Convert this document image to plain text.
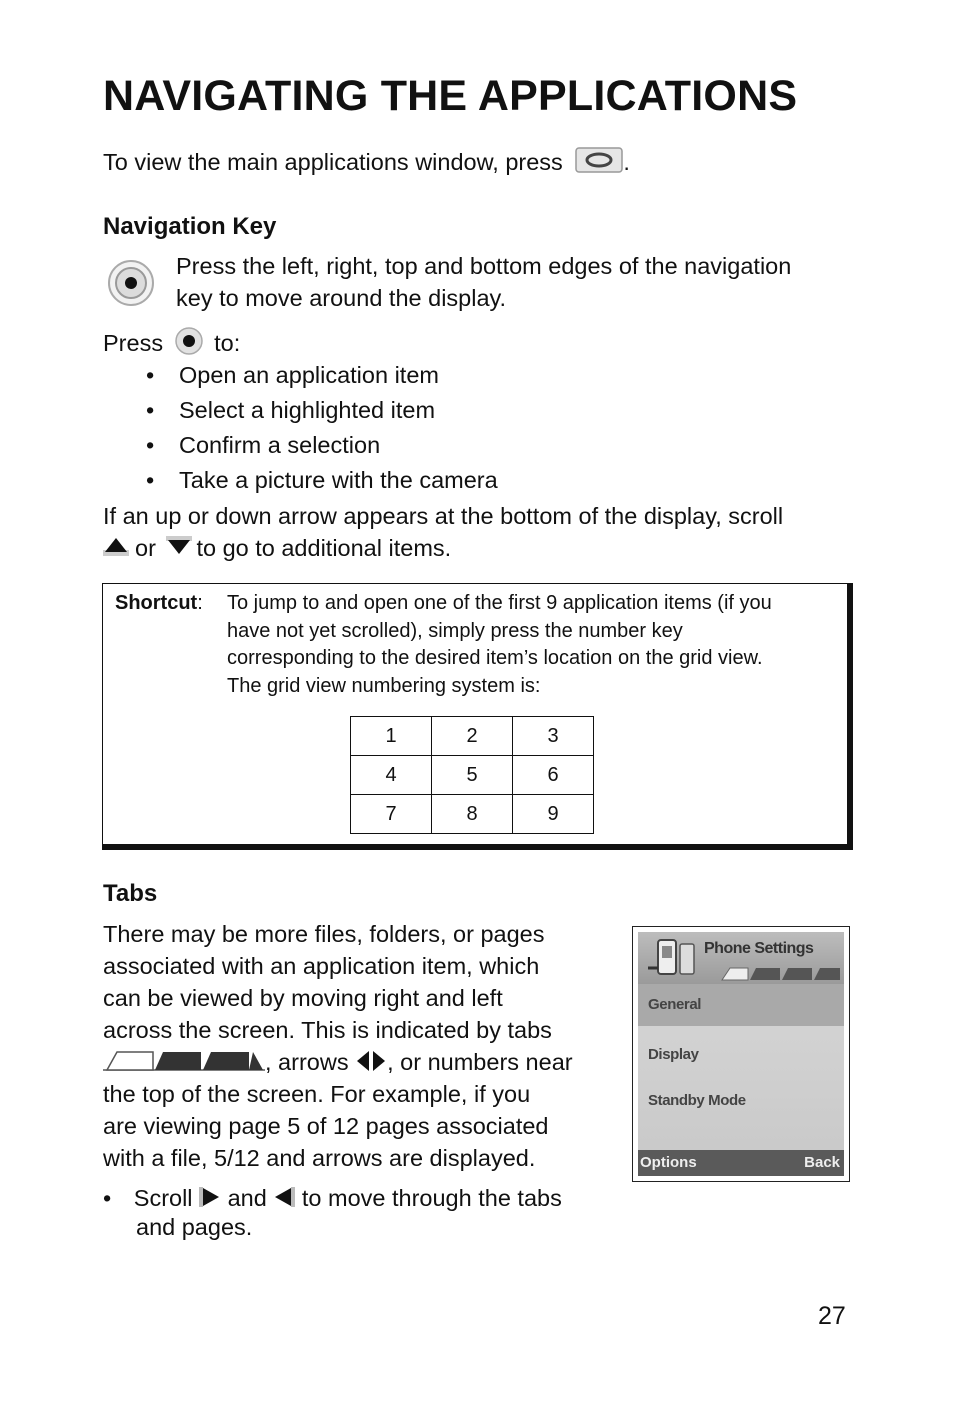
NAVIGATING THE APPLICATIONS
To view the main applications window, press	.
Navigation Key
Press the left, right, top and bottom edges of the navigation
key to move around the display.
Press to:
• Open an application item
• Select a highlighted item
• Confirm a selection
• Take a picture with the camera
If an up or down arrow appears at the bottom of the display, scroll
or to go to additional items.
Shortcut: To jump to and open one of the first 9 application items (if you
have not yet scrolled), simply press the number key
corresponding to the desired item’s location on the grid view.
The grid view numbering system is:
1	2	3
4	5	6
7	8	9
Tabs
There may be more files, folders, or pages
associated with an application item, which
can be viewed by moving right and left
across the screen. This is indicated by tabs
, arrows , or numbers near
the top of the screen. For example, if you
are viewing page 5 of 12 pages associated
with a file, 5/12 and arrows are displayed.
• Scroll and to move through the tabs
and pages.
Phone Settings
General
Display
Standby Mode
Options	Back
27
